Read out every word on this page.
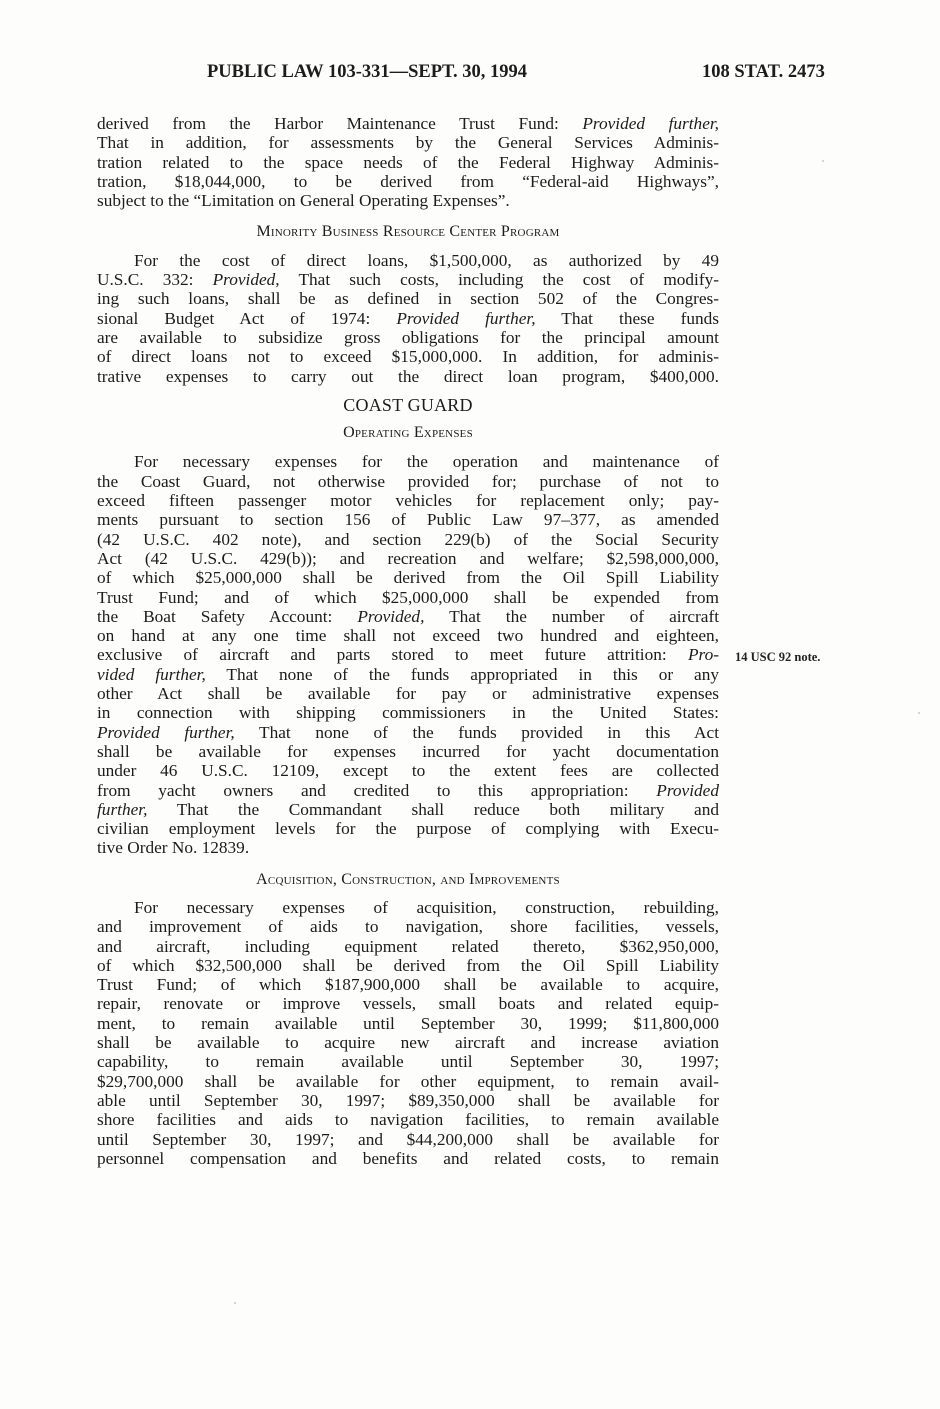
PUBLIC LAW 103-331—SEPT. 30, 1994	108 STAT. 2473
14 USC 92 note.
derived from the Harbor Maintenance Trust Fund: Provided further,
That in addition, for assessments by the General Services Adminis-
tration related to the space needs of the Federal Highway Adminis-
tration, $18,044,000, to be derived from “Federal-aid Highways”,
subject to the “Limitation on General Operating Expenses”.
Minority Business Resource Center Program
For the cost of direct loans, $1,500,000, as authorized by 49
U.S.C. 332: Provided, That such costs, including the cost of modify-
ing such loans, shall be as defined in section 502 of the Congres-
sional Budget Act of 1974: Provided further, That these funds
are available to subsidize gross obligations for the principal amount
of direct loans not to exceed $15,000,000. In addition, for adminis-
trative expenses to carry out the direct loan program, $400,000.
COAST GUARD
Operating Expenses
For necessary expenses for the operation and maintenance of
the Coast Guard, not otherwise provided for; purchase of not to
exceed fifteen passenger motor vehicles for replacement only; pay-
ments pursuant to section 156 of Public Law 97–377, as amended
(42 U.S.C. 402 note), and section 229(b) of the Social Security
Act (42 U.S.C. 429(b)); and recreation and welfare; $2,598,000,000,
of which $25,000,000 shall be derived from the Oil Spill Liability
Trust Fund; and of which $25,000,000 shall be expended from
the Boat Safety Account: Provided, That the number of aircraft
on hand at any one time shall not exceed two hundred and eighteen,
exclusive of aircraft and parts stored to meet future attrition: Pro-
vided further, That none of the funds appropriated in this or any
other Act shall be available for pay or administrative expenses
in connection with shipping commissioners in the United States:
Provided further, That none of the funds provided in this Act
shall be available for expenses incurred for yacht documentation
under 46 U.S.C. 12109, except to the extent fees are collected
from yacht owners and credited to this appropriation: Provided
further, That the Commandant shall reduce both military and
civilian employment levels for the purpose of complying with Execu-
tive Order No. 12839.
Acquisition, Construction, and Improvements
For necessary expenses of acquisition, construction, rebuilding,
and improvement of aids to navigation, shore facilities, vessels,
and aircraft, including equipment related thereto, $362,950,000,
of which $32,500,000 shall be derived from the Oil Spill Liability
Trust Fund; of which $187,900,000 shall be available to acquire,
repair, renovate or improve vessels, small boats and related equip-
ment, to remain available until September 30, 1999; $11,800,000
shall be available to acquire new aircraft and increase aviation
capability, to remain available until September 30, 1997;
$29,700,000 shall be available for other equipment, to remain avail-
able until September 30, 1997; $89,350,000 shall be available for
shore facilities and aids to navigation facilities, to remain available
until September 30, 1997; and $44,200,000 shall be available for
personnel compensation and benefits and related costs, to remain
